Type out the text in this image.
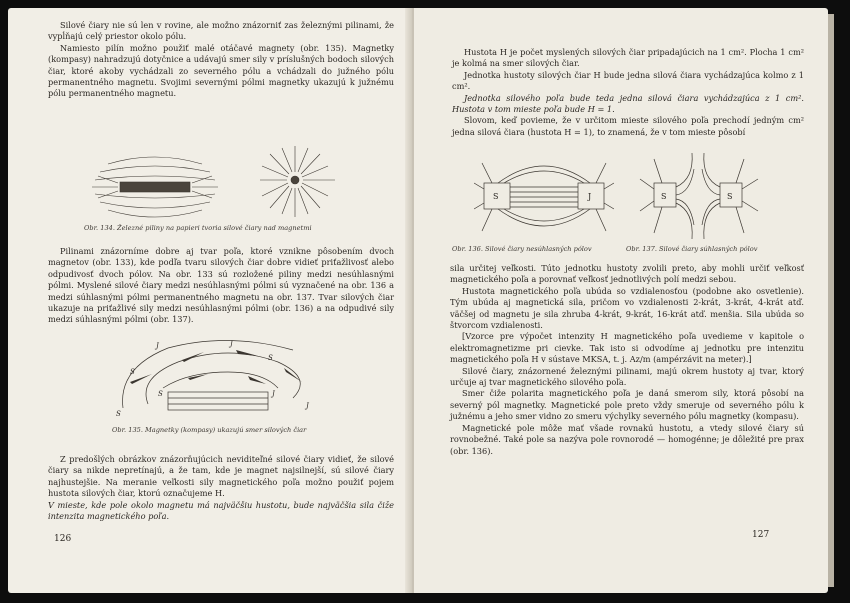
Silové čiary nie sú len v rovine, ale možno znázorniť zas železnými pilinami, že vypĺňajú celý priestor okolo pólu.

Namiesto pilín možno použiť malé otáčavé magnety (obr. 135). Magnetky (kompasy) nahradzujú dotyčnice a udávajú smer sily v príslušných bodoch silových čiar, ktoré akoby vychádzali zo severného pólu a vchádzali do južného pólu permanentného magnetu. Svojimi severnými pólmi magnetky ukazujú k južnému pólu permanentného magnetu.

Obr. 134. Železné piliny na papieri tvoria silové čiary nad magnetmi

Pilinami znázorníme dobre aj tvar poľa, ktoré vznikne pôsobením dvoch magnetov (obr. 133), kde podľa tvaru silových čiar dobre vidieť priťažlivosť alebo odpudivosť dvoch pólov. Na obr. 133 sú rozložené piliny medzi nesúhlasnými pólmi. Myslené silové čiary medzi nesúhlasnými pólmi sú vyznačené na obr. 136 a medzi súhlasnými pólmi permanentného magnetu na obr. 137. Tvar silových čiar ukazuje na priťažlivé sily medzi nesúhlasnými pólmi (obr. 136) a na odpudivé sily medzi súhlasnými pólmi (obr. 137).

J	J
S
S
S	J
S
J
Obr. 135. Magnetky (kompasy) ukazujú smer silových čiar

Z predošlých obrázkov znázorňujúcich neviditeľné silové čiary vidieť, že silové čiary sa nikde nepretínajú, a že tam, kde je magnet najsilnejší, sú silové čiary najhustejšie. Na meranie veľkosti sily magnetického poľa možno použiť pojem hustota silových čiar, ktorú označujeme H.

V mieste, kde pole okolo magnetu má najväčšiu hustotu, bude najväčšia sila čiže intenzita magnetického poľa.

126

Hustota H je počet myslených silových čiar pripadajúcich na 1 cm². Plocha 1 cm² je kolmá na smer silových čiar.

Jednotka hustoty silových čiar H bude jedna silová čiara vychádzajúca kolmo z 1 cm².

Jednotka silového poľa bude teda jedna silová čiara vychádzajúca z 1 cm². Hustota v tom mieste poľa bude H = 1.

Slovom, keď povieme, že v určitom mieste silového poľa prechodí jedným cm² jedna silová čiara (hustota H = 1), to znamená, že v tom mieste pôsobí

S	J	S	S
Obr. 136. Silové čiary nesúhlasných pólov	Obr. 137. Silové čiary súhlasných pólov

sila určitej veľkosti. Túto jednotku hustoty zvolili preto, aby mohli určiť veľkosť magnetického poľa a porovnať veľkosť jednotlivých polí medzi sebou.

Hustota magnetického poľa ubúda so vzdialenosťou (podobne ako osvetlenie). Tým ubúda aj magnetická sila, pričom vo vzdialenosti 2-krát, 3-krát, 4-krát atď. väčšej od magnetu je sila zhruba 4-krát, 9-krát, 16-krát atď. menšia. Sila ubúda so štvorcom vzdialenosti.

[Vzorce pre výpočet intenzity H magnetického poľa uvedieme v kapitole o elektromagnetizme pri cievke. Tak isto si odvodíme aj jednotku pre intenzitu magnetického poľa H v sústave MKSA, t. j. Az/m (ampérzávit na meter).]

Silové čiary, znázornené železnými pilinami, majú okrem hustoty aj tvar, ktorý určuje aj tvar magnetického silového poľa.

Smer čiže polarita magnetického poľa je daná smerom sily, ktorá pôsobí na severný pól magnetky. Magnetické pole preto vždy smeruje od severného pólu k južnému a jeho smer vidno zo smeru výchylky severného pólu magnetky (kompasu).

Magnetické pole môže mať všade rovnakú hustotu, a vtedy silové čiary sú rovnobežné. Také pole sa nazýva pole rovnorodé — homogénne; je dôležité pre prax (obr. 136).

127
